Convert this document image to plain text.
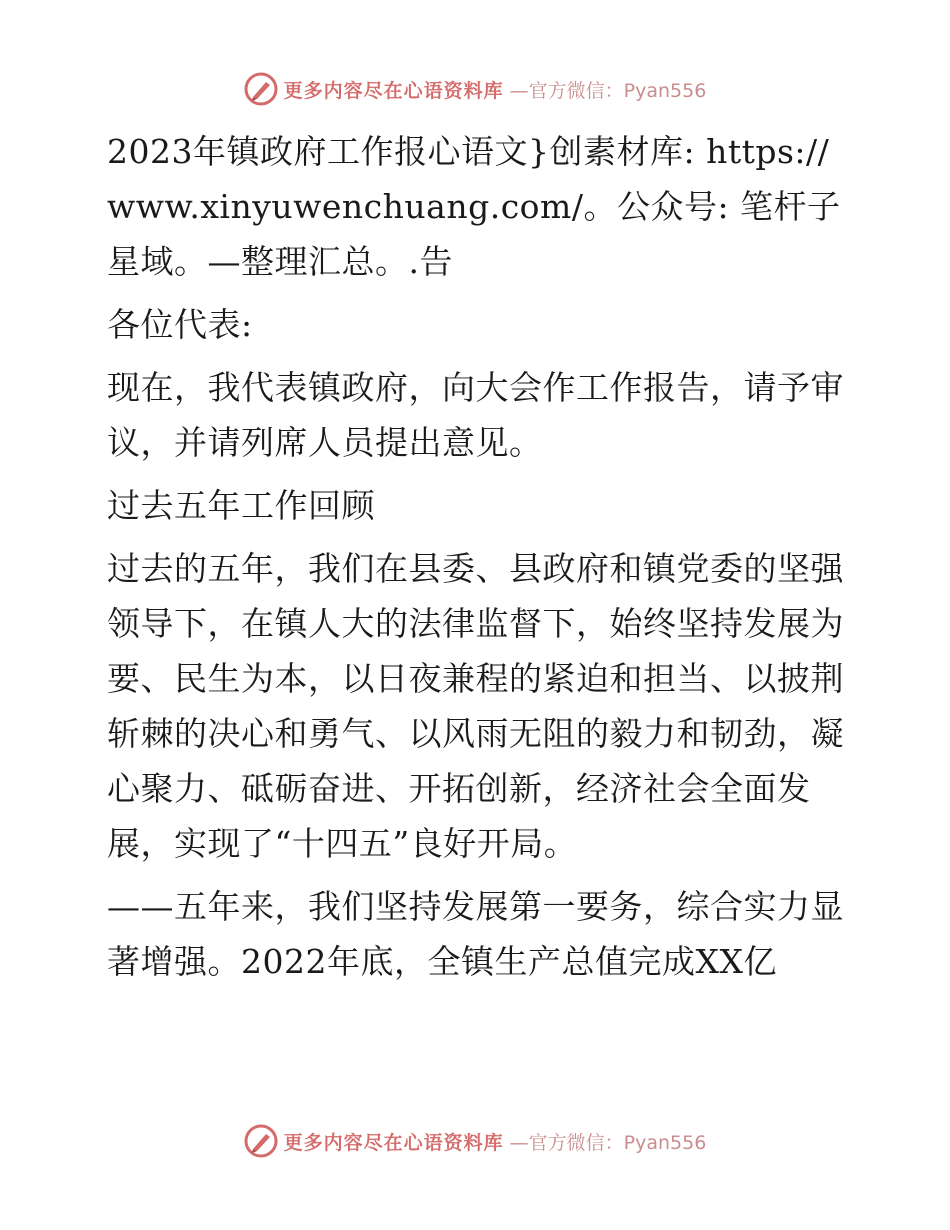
更多内容尽在心语资料库 —官方微信：Pyan556

2023年镇政府工作报心语文}创素材库: https://www.xinyuwenchuang.com/。公众号: 笔杆子星域。—整理汇总。.告

各位代表:

现在，我代表镇政府，向大会作工作报告，请予审议，并请列席人员提出意见。

过去五年工作回顾

过去的五年，我们在县委、县政府和镇党委的坚强领导下，在镇人大的法律监督下，始终坚持发展为要、民生为本，以日夜兼程的紧迫和担当、以披荆斩棘的决心和勇气、以风雨无阻的毅力和韧劲，凝心聚力、砥砺奋进、开拓创新，经济社会全面发展，实现了“十四五”良好开局。

——五年来，我们坚持发展第一要务，综合实力显著增强。2022年底，全镇生产总值完成XX亿

更多内容尽在心语资料库 —官方微信：Pyan556
